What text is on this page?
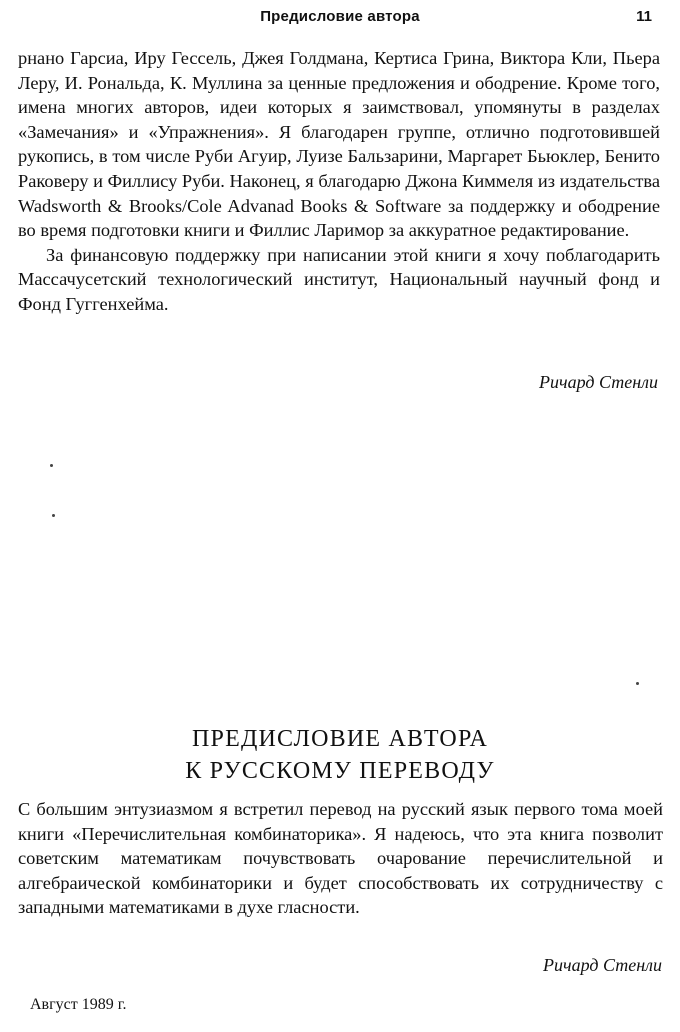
Предисловие автора	11

рнано Гарсиа, Иру Гессель, Джея Голдмана, Кертиса Грина, Виктора Кли, Пьера Леру, И. Рональда, К. Муллина за ценные предложения и ободрение. Кроме того, имена многих авторов, идеи которых я заимствовал, упомянуты в разделах «Замечания» и «Упражнения». Я благодарен группе, отлично подготовившей рукопись, в том числе Руби Агуир, Луизе Бальзарини, Маргарет Бьюклер, Бенито Раковеру и Филлису Руби. Наконец, я благодарю Джона Киммеля из издательства Wadsworth & Brooks/Cole Advanad Books & Software за поддержку и ободрение во время подготовки книги и Филлис Ларимор за аккуратное редактирование.

За финансовую поддержку при написании этой книги я хочу поблагодарить Массачусетский технологический институт, Национальный научный фонд и Фонд Гуггенхейма.

Ричард Стенли
ПРЕДИСЛОВИЕ АВТОРА
К РУССКОМУ ПЕРЕВОДУ

С большим энтузиазмом я встретил перевод на русский язык первого тома моей книги «Перечислительная комбинаторика». Я надеюсь, что эта книга позволит советским математикам почувствовать очарование перечислительной и алгебраической комбинаторики и будет способствовать их сотрудничеству с западными математиками в духе гласности.

Ричард Стенли
Август 1989 г.
